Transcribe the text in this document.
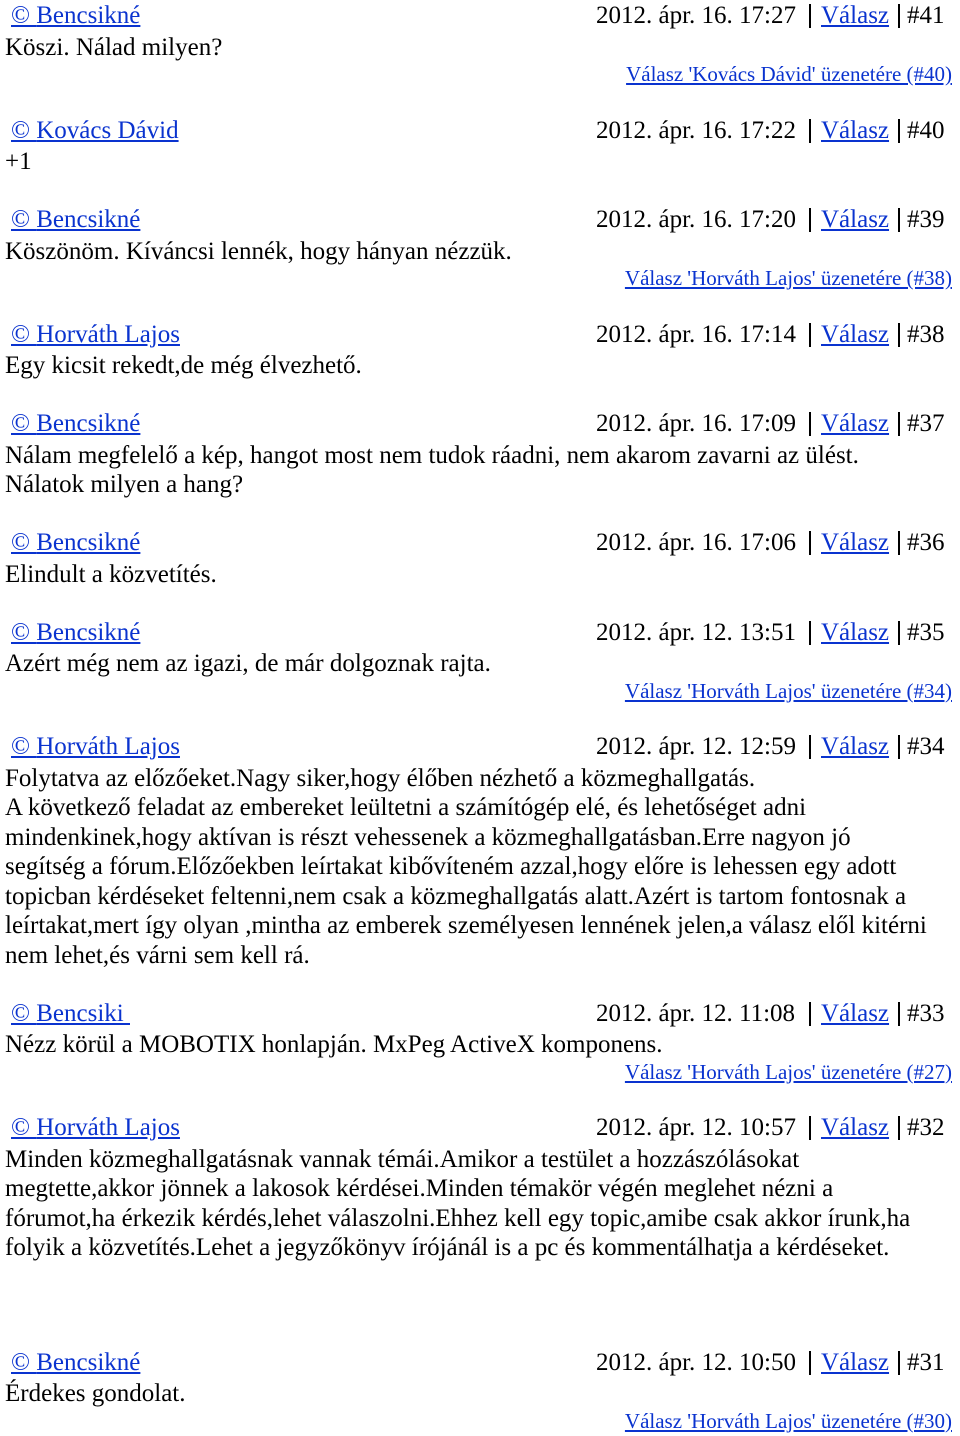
© Bencsikné	2012. ápr. 16. 17:27 Válasz #41
Köszi. Nálad milyen?
Válasz 'Kovács Dávid' üzenetére (#40)
© Kovács Dávid	2012. ápr. 16. 17:22 Válasz #40
+1
© Bencsikné	2012. ápr. 16. 17:20 Válasz #39
Köszönöm. Kíváncsi lennék, hogy hányan nézzük.
Válasz 'Horváth Lajos' üzenetére (#38)
© Horváth Lajos	2012. ápr. 16. 17:14 Válasz #38
Egy kicsit rekedt,de még élvezhető.
© Bencsikné	2012. ápr. 16. 17:09 Válasz #37
Nálam megfelelő a kép, hangot most nem tudok ráadni, nem akarom zavarni az ülést.
Nálatok milyen a hang?
© Bencsikné	2012. ápr. 16. 17:06 Válasz #36
Elindult a közvetítés.
© Bencsikné	2012. ápr. 12. 13:51 Válasz #35
Azért még nem az igazi, de már dolgoznak rajta.
Válasz 'Horváth Lajos' üzenetére (#34)
© Horváth Lajos	2012. ápr. 12. 12:59 Válasz #34
Folytatva az előzőeket.Nagy siker,hogy élőben nézhető a közmeghallgatás.
A következő feladat az embereket leültetni a számítógép elé, és lehetőséget adni
mindenkinek,hogy aktívan is részt vehessenek a közmeghallgatásban.Erre nagyon jó
segítség a fórum.Előzőekben leírtakat kibővíteném azzal,hogy előre is lehessen egy adott
topicban kérdéseket feltenni,nem csak a közmeghallgatás alatt.Azért is tartom fontosnak a
leírtakat,mert így olyan ,mintha az emberek személyesen lennének jelen,a válasz elől kitérni
nem lehet,és várni sem kell rá.
© Bencsiki	2012. ápr. 12. 11:08 Válasz #33
Nézz körül a MOBOTIX honlapján. MxPeg ActiveX komponens.
Válasz 'Horváth Lajos' üzenetére (#27)
© Horváth Lajos	2012. ápr. 12. 10:57 Válasz #32
Minden közmeghallgatásnak vannak témái.Amikor a testület a hozzászólásokat
megtette,akkor jönnek a lakosok kérdései.Minden témakör végén meglehet nézni a
fórumot,ha érkezik kérdés,lehet válaszolni.Ehhez kell egy topic,amibe csak akkor írunk,ha
folyik a közvetítés.Lehet a jegyzőkönyv írójánál is a pc és kommentálhatja a kérdéseket.
© Bencsikné	2012. ápr. 12. 10:50 Válasz #31
Érdekes gondolat.
Válasz 'Horváth Lajos' üzenetére (#30)
